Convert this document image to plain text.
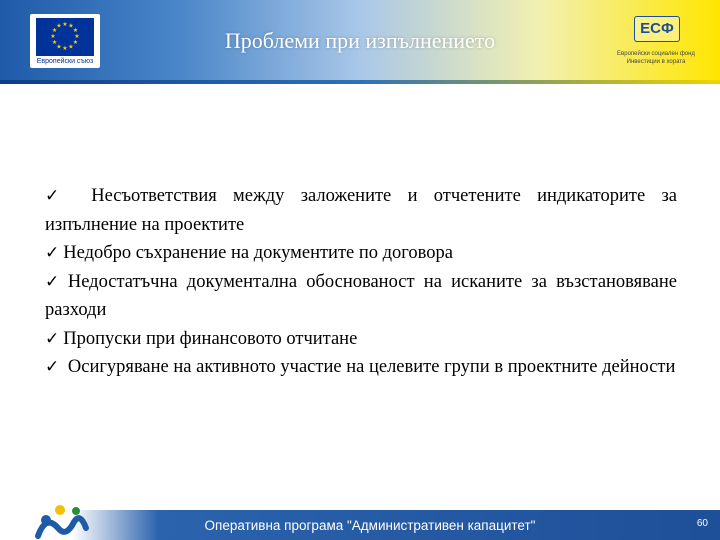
★ ★
★
★
★
★
★
★
★
★
★
★
Европейски съюз
Проблеми при изпълнението	ЕСФ
Европейски социален фонд Инвестиции в хората

✓ Несъответствия между заложените и отчетените индикаторите за изпълнение на проектите

✓ Недобро съхранение на документите по договора

✓ Недостатъчна документална обоснованост на исканите за възстановяване разходи

✓ Пропуски при финансовото отчитане

✓ Осигуряване на активното участие на целевите групи в проектните дейности

Оперативна програма "Административен капацитет"	60
